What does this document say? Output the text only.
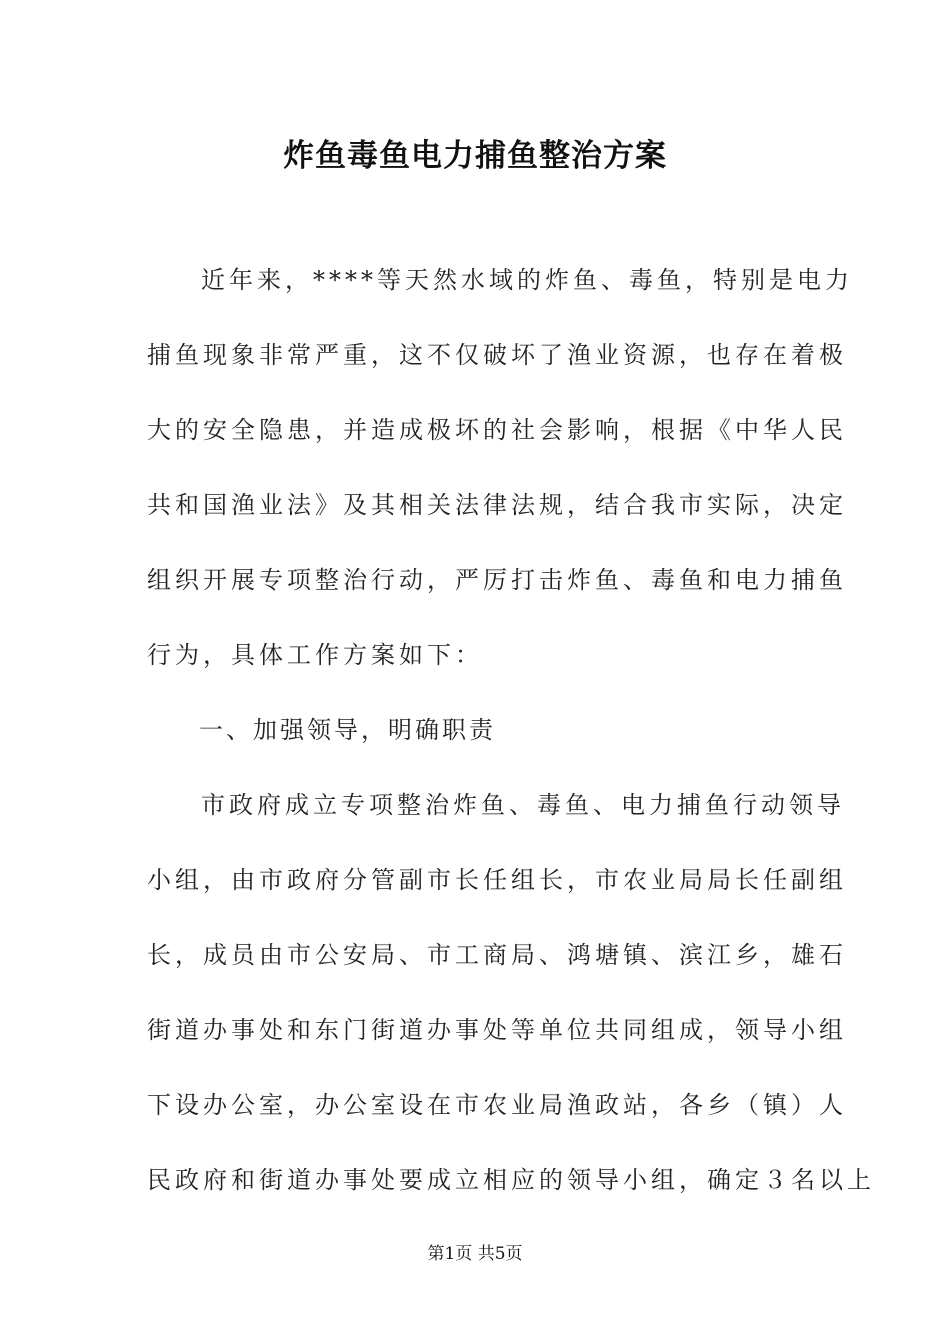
炸鱼毒鱼电力捕鱼整治方案

近年来，****等天然水域的炸鱼、毒鱼，特别是电力
捕鱼现象非常严重，这不仅破坏了渔业资源，也存在着极
大的安全隐患，并造成极坏的社会影响，根据《中华人民
共和国渔业法》及其相关法律法规，结合我市实际，决定
组织开展专项整治行动，严厉打击炸鱼、毒鱼和电力捕鱼
行为，具体工作方案如下：

一、加强领导，明确职责

市政府成立专项整治炸鱼、毒鱼、电力捕鱼行动领导
小组，由市政府分管副市长任组长，市农业局局长任副组
长，成员由市公安局、市工商局、鸿塘镇、滨江乡，雄石
街道办事处和东门街道办事处等单位共同组成，领导小组
下设办公室，办公室设在市农业局渔政站，各乡（镇）人
民政府和街道办事处要成立相应的领导小组，确定３名以上

第1页 共5页
